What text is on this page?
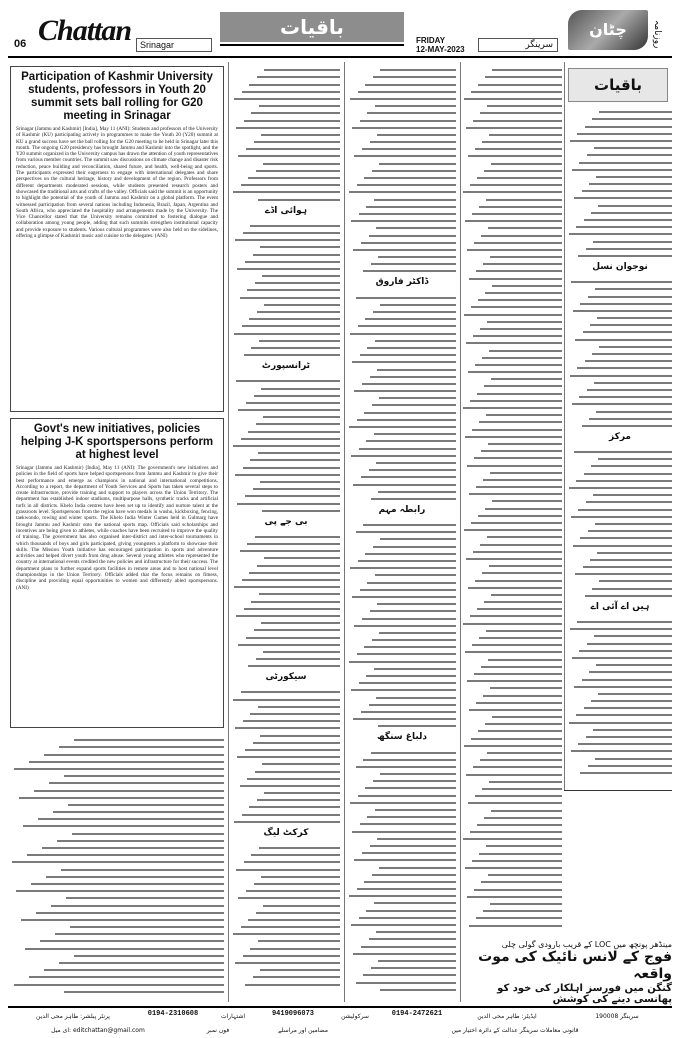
06 Chattan Srinagar
باقیات
FRIDAY
12-MAY-2023	سرینگر
چٹان	روزنامہ
Participation of Kashmir University students, professors in Youth 20 summit sets ball rolling for G20 meeting in Srinagar
Srinagar (Jammu and Kashmir) [India], May 11 (ANI): Students and professors of the University of Kashmir (KU) participating actively in programmes to make the Youth 20 (Y20) summit at KU a grand success have set the ball rolling for the G20 meeting to be held in Srinagar later this month. The ongoing G20 presidency has brought Jammu and Kashmir into the spotlight, and the Y20 summit organized in the University campus has drawn the attention of youth representatives from various member countries. The summit saw discussions on climate change and disaster risk reduction, peace building and reconciliation, shared future, and health, well-being and sports. The participants expressed their eagerness to engage with international delegates and share perspectives on the cultural heritage, history and development of the region. Professors from different departments moderated sessions, while students presented research posters and showcased the traditional arts and crafts of the valley. Officials said the summit is an opportunity to highlight the potential of the youth of Jammu and Kashmir on a global platform. The event witnessed participation from several nations including Indonesia, Brazil, Japan, Argentina and South Africa, who appreciated the hospitality and arrangements made by the University. The Vice Chancellor stated that the University remains committed to fostering dialogue and collaboration among young people, adding that such summits strengthen institutional capacity and provide exposure to students. Various cultural programmes were also held on the sidelines, offering a glimpse of Kashmiri music and cuisine to the delegates. (ANI)
Govt's new initiatives, policies helping J-K sportspersons perform at highest level
Srinagar (Jammu and Kashmir) [India], May 11 (ANI): The government's new initiatives and policies in the field of sports have helped sportspersons from Jammu and Kashmir to give their best performance and emerge as champions in national and international competitions. According to a report, the department of Youth Services and Sports has taken several steps to create infrastructure, provide training and support to players across the Union Territory. The department has established indoor stadiums, multipurpose halls, synthetic tracks and artificial turfs in all districts. Khelo India centres have been set up to identify and nurture talent at the grassroots level. Sportspersons from the region have won medals in wushu, kickboxing, fencing, taekwondo, rowing and winter sports. The Khelo India Winter Games held in Gulmarg have brought Jammu and Kashmir onto the national sports map. Officials said scholarships and incentives are being given to athletes, while coaches have been recruited to improve the quality of training. The government has also organised inter-district and inter-school tournaments in which thousands of boys and girls participated, giving youngsters a platform to showcase their skills. The Mission Youth initiative has encouraged participation in sports and adventure activities and helped divert youth from drug abuse. Several young athletes who represented the country at international events credited the new policies and infrastructure for their success. The department plans to further expand sports facilities in remote areas and to host national level championships in the Union Territory. Officials added that the focus remains on fitness, discipline and providing equal opportunities to women and differently abled sportspersons. (ANI)
ہوائی اڈے
ٹرانسپورٹ
بی جے پی
سیکورٹی
کرکٹ لیگ
ڈاکٹر فاروق
رابطہ مہم
دلباغ سنگھ
باقیات
نوجوان نسل
مرکز
ہیں اے آئی اے
مینڈھر پونچھ میں LOC کے قریب بارودی گولی چلی
فوج کے لانس نائیک کی موت واقعہ
گنگن میں فورسز اہلکار کی خود کو پھانسی دینے کی کوشش
پرنٹر پبلشر: طاہر محی الدین	0194-2310608	اشتہارات	9419096073	سرکولیشن	0194-2472621	ایڈیٹر: طاہر محی الدین	190008 سرینگر
ای میل: editchattan@gmail.com	فون نمبر	مضامین اور مراسلے	قانونی معاملات سرینگر عدالت کے دائرہ اختیار میں
